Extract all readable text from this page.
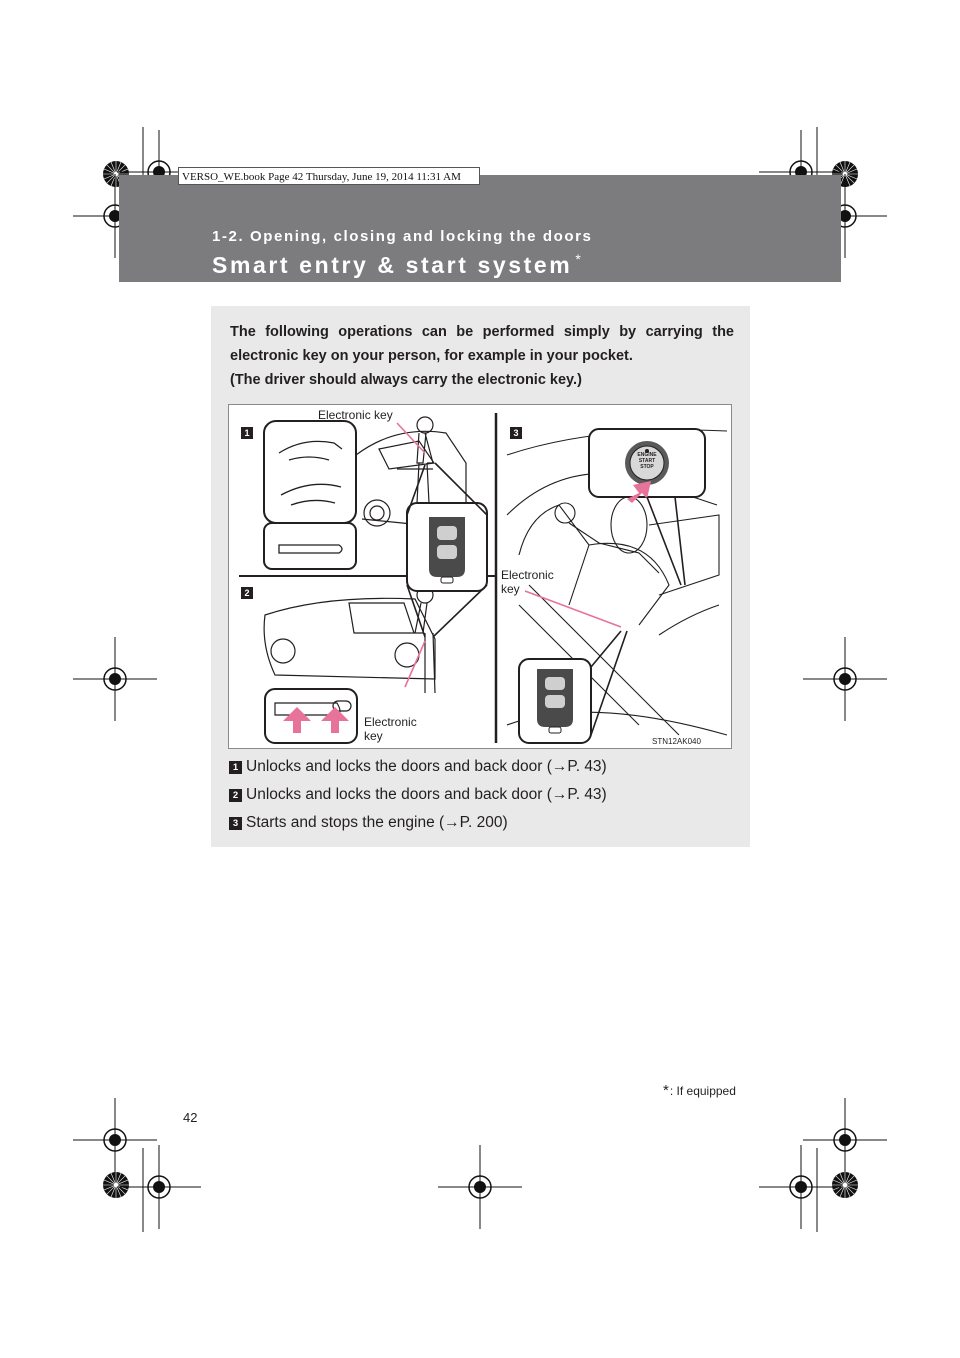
VERSO_WE.book Page 42 Thursday, June 19, 2014 11:31 AM
1-2. Opening, closing and locking the doors
Smart entry & start system *

The following operations can be performed simply by carrying the

electronic key on your person, for example in your pocket.

(The driver should always carry the electronic key.)

1
2
3
Electronic key
Electronic
key
Electronic
key
ENGINE
START
STOP
STN12AK040
1 Unlocks and locks the doors and back door (→P. 43)
2 Unlocks and locks the doors and back door (→P. 43)
3 Starts and stops the engine (→P. 200)
*: If equipped
42
